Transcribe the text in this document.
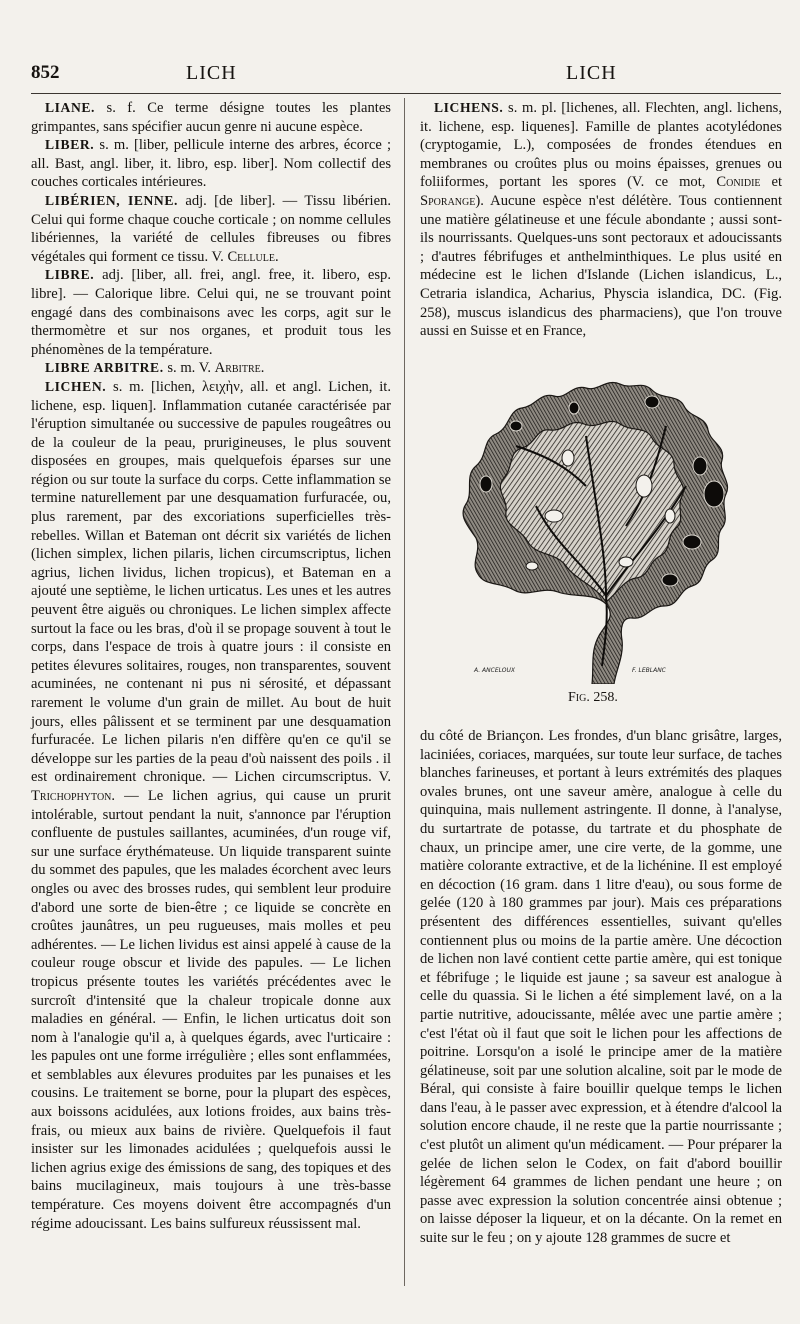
852	LICH	LICH

LIANE. s. f. Ce terme désigne toutes les plantes grimpantes, sans spécifier aucun genre ni aucune espèce.

LIBER. s. m. [liber, pellicule interne des arbres, écorce ; all. Bast, angl. liber, it. libro, esp. liber]. Nom collectif des couches corticales intérieures.

LIBÉRIEN, IENNE. adj. [de liber]. — Tissu libérien. Celui qui forme chaque couche corticale ; on nomme cellules libériennes, la variété de cellules fibreuses ou fibres végétales qui forment ce tissu. V. Cellule.

LIBRE. adj. [liber, all. frei, angl. free, it. libero, esp. libre]. — Calorique libre. Celui qui, ne se trouvant point engagé dans des combinaisons avec les corps, agit sur le thermomètre et sur nos organes, et produit tous les phénomènes de la température.

LIBRE ARBITRE. s. m. V. Arbitre.

LICHEN. s. m. [lichen, λειχὴν, all. et angl. Lichen, it. lichene, esp. liquen]. Inflammation cutanée caractérisée par l'éruption simultanée ou successive de papules rougeâtres ou de la couleur de la peau, prurigineuses, le plus souvent disposées en groupes, mais quelquefois éparses sur une région ou sur toute la surface du corps. Cette inflammation se termine naturellement par une desquamation furfuracée, ou, plus rarement, par des excoriations superficielles très-rebelles. Willan et Bateman ont décrit six variétés de lichen (lichen simplex, lichen pilaris, lichen circumscriptus, lichen agrius, lichen lividus, lichen tropicus), et Bateman en a ajouté une septième, le lichen urticatus. Les unes et les autres peuvent être aiguës ou chroniques. Le lichen simplex affecte surtout la face ou les bras, d'où il se propage souvent à tout le corps, dans l'espace de trois à quatre jours : il consiste en petites élevures solitaires, rouges, non transparentes, souvent acuminées, ne contenant ni pus ni sérosité, et dépassant rarement le volume d'un grain de millet. Au bout de huit jours, elles pâlissent et se terminent par une desquamation furfuracée. Le lichen pilaris n'en diffère qu'en ce qu'il se développe sur les parties de la peau d'où naissent des poils . il est ordinairement chronique. — Lichen circumscriptus. V. Trichophyton. — Le lichen agrius, qui cause un prurit intolérable, surtout pendant la nuit, s'annonce par l'éruption confluente de pustules saillantes, acuminées, d'un rouge vif, sur une surface érythémateuse. Un liquide transparent suinte du sommet des papules, que les malades écorchent avec leurs ongles ou avec des brosses rudes, qui semblent leur produire d'abord une sorte de bien-être ; ce liquide se concrète en croûtes jaunâtres, un peu rugueuses, mais molles et peu adhérentes. — Le lichen lividus est ainsi appelé à cause de la couleur rouge obscur et livide des papules. — Le lichen tropicus présente toutes les variétés précédentes avec le surcroît d'intensité que la chaleur tropicale donne aux maladies en général. — Enfin, le lichen urticatus doit son nom à l'analogie qu'il a, à quelques égards, avec l'urticaire : les papules ont une forme irrégulière ; elles sont enflammées, et semblables aux élevures produites par les punaises et les cousins. Le traitement se borne, pour la plupart des espèces, aux boissons acidulées, aux lotions froides, aux bains très-frais, ou mieux aux bains de rivière. Quelquefois il faut insister sur les limonades acidulées ; quelquefois aussi le lichen agrius exige des émissions de sang, des topiques et des bains mucilagineux, mais toujours à une très-basse température. Ces moyens doivent être accompagnés d'un régime adoucissant. Les bains sulfureux réussissent mal.

LICHENS. s. m. pl. [lichenes, all. Flechten, angl. lichens, it. lichene, esp. liquenes]. Famille de plantes acotylédones (cryptogamie, L.), composées de frondes étendues en membranes ou croûtes plus ou moins épaisses, grenues ou foliiformes, portant les spores (V. ce mot, Conidie et Sporange). Aucune espèce n'est délétère. Tous contiennent une matière gélatineuse et une fécule abondante ; aussi sont-ils nourrissants. Quelques-uns sont pectoraux et adoucissants ; d'autres fébrifuges et anthelminthiques. Le plus usité en médecine est le lichen d'Islande (Lichen islandicus, L., Cetraria islandica, Acharius, Physcia islandica, DC. (Fig. 258), muscus islandicus des pharmaciens), que l'on trouve aussi en Suisse et en France,

A. ANCELOUX	F. LEBLANC
Fig. 258.

du côté de Briançon. Les frondes, d'un blanc grisâtre, larges, laciniées, coriaces, marquées, sur toute leur surface, de taches blanches farineuses, et portant à leurs extrémités des plaques ovales brunes, ont une saveur amère, analogue à celle du quinquina, mais nullement astringente. Il donne, à l'analyse, du surtartrate de potasse, du tartrate et du phosphate de chaux, un principe amer, une cire verte, de la gomme, une matière colorante extractive, et de la lichénine. Il est employé en décoction (16 gram. dans 1 litre d'eau), ou sous forme de gelée (120 à 180 grammes par jour). Mais ces préparations présentent des différences essentielles, suivant qu'elles contiennent plus ou moins de la partie amère. Une décoction de lichen non lavé contient cette partie amère, qui est tonique et fébrifuge ; le liquide est jaune ; sa saveur est analogue à celle du quassia. Si le lichen a été simplement lavé, on a la partie nutritive, adoucissante, mêlée avec une partie amère ; c'est l'état où il faut que soit le lichen pour les affections de poitrine. Lorsqu'on a isolé le principe amer de la matière gélatineuse, soit par une solution alcaline, soit par le mode de Béral, qui consiste à faire bouillir quelque temps le lichen dans l'eau, à le passer avec expression, et à étendre d'alcool la solution encore chaude, il ne reste que la partie nourrissante ; c'est plutôt un aliment qu'un médicament. — Pour préparer la gelée de lichen selon le Codex, on fait d'abord bouillir légèrement 64 grammes de lichen pendant une heure ; on passe avec expression la solution concentrée ainsi obtenue ; on laisse déposer la liqueur, et on la décante. On la remet en suite sur le feu ; on y ajoute 128 grammes de sucre et
